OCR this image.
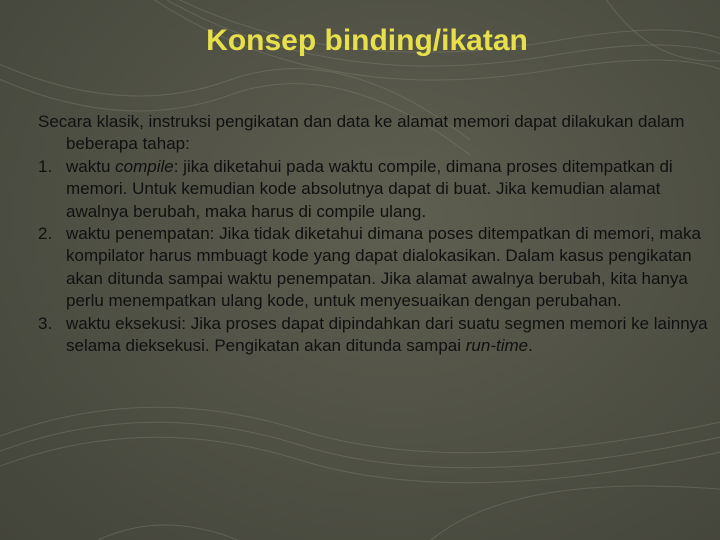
Konsep binding/ikatan

Secara klasik, instruksi pengikatan dan data ke alamat memori dapat dilakukan dalam beberapa tahap:

1. waktu compile: jika diketahui pada waktu compile, dimana proses ditempatkan di memori. Untuk kemudian kode absolutnya dapat di buat. Jika kemudian alamat awalnya berubah, maka harus di compile ulang.
2. waktu penempatan: Jika tidak diketahui dimana poses ditempatkan di memori, maka kompilator harus mmbuagt kode yang dapat dialokasikan. Dalam kasus pengikatan akan ditunda sampai waktu penempatan. Jika alamat awalnya berubah, kita hanya perlu menempatkan ulang kode, untuk menyesuaikan dengan perubahan.
3. waktu eksekusi: Jika proses dapat dipindahkan dari suatu segmen memori ke lainnya selama dieksekusi. Pengikatan akan ditunda sampai run-time.
